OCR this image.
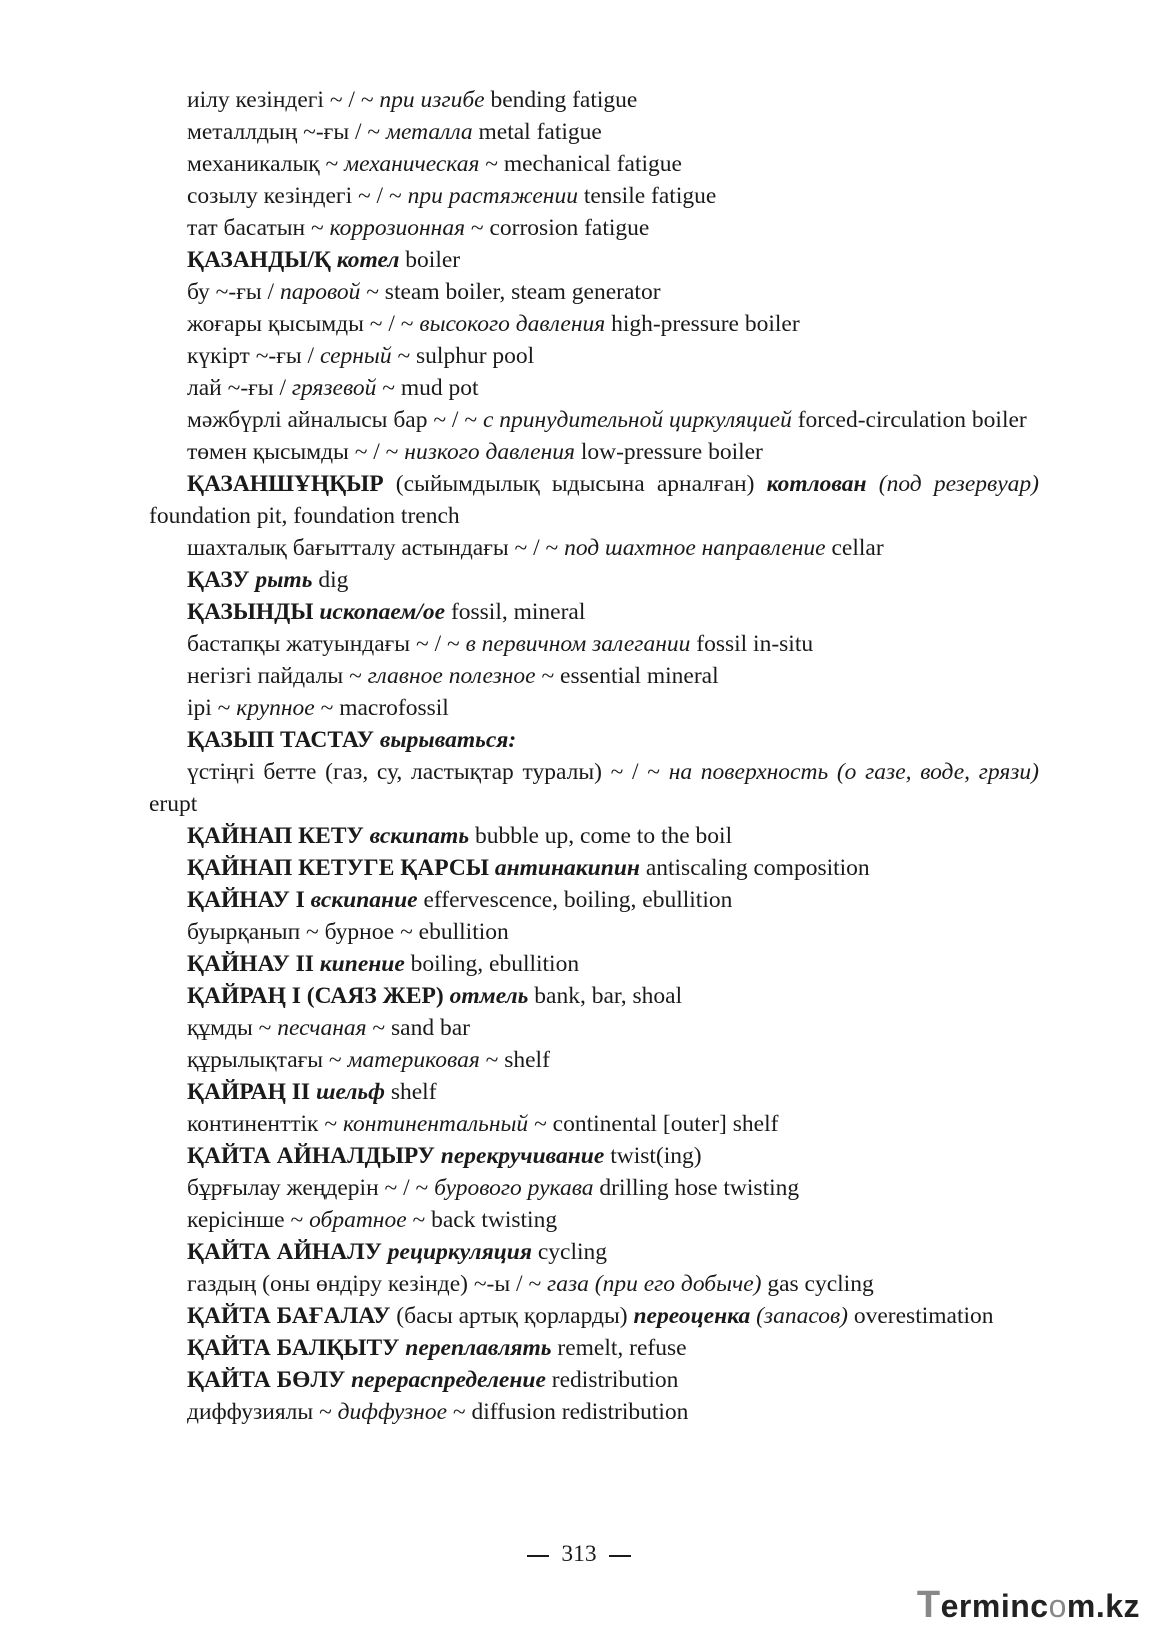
иілу кезіндегі ~ / ~ при изгибе bending fatigue

металлдың ~-ғы / ~ металла metal fatigue

механикалық ~ механическая ~ mechanical fatigue

созылу кезіндегі ~ / ~ при растяжении tensile fatigue

тат басатын ~ коррозионная ~ corrosion fatigue

ҚАЗАНДЫ/Қ котел boiler

бу ~-ғы / паровой ~ steam boiler, steam generator

жоғары қысымды ~ / ~ высокого давления high-pressure boiler

күкірт ~-ғы / серный ~ sulphur pool

лай ~-ғы / грязевой ~ mud pot

мәжбүрлі айналысы бар ~ / ~ с принудительной циркуляцией forced-circulation boiler

төмен қысымды ~ / ~ низкого давления low-pressure boiler

ҚАЗАНШҰҢҚЫР (сыйымдылық ыдысына арналған) котлован (под резервуар) foundation pit, foundation trench

шахталық бағытталу астындағы ~ / ~ под шахтное направление cellar

ҚАЗУ рыть dig

ҚАЗЫНДЫ ископаем/ое fossil, mineral

бастапқы жатуындағы ~ / ~ в первичном залегании fossil in-situ

негізгі пайдалы ~ главное полезное ~ essential mineral

ірі ~ крупное ~ macrofossil

ҚАЗЫП ТАСТАУ вырываться:

үстіңгі бетте (газ, су, ластықтар туралы) ~ / ~ на поверхность (о газе, воде, грязи) erupt

ҚАЙНАП КЕТУ вскипать bubble up, come to the boil

ҚАЙНАП КЕТУГЕ ҚАРСЫ антинакипин antiscaling composition

ҚАЙНАУ I вскипание effervescence, boiling, ebullition

буырқанып ~ бурное ~ ebullition

ҚАЙНАУ II кипение boiling, ebullition

ҚАЙРАҢ I (САЯЗ ЖЕР) отмель bank, bar, shoal

құмды ~ песчаная ~ sand bar

құрылықтағы ~ материковая ~ shelf

ҚАЙРАҢ II шельф shelf

континенттік ~ континентальный ~ continental [outer] shelf

ҚАЙТА АЙНАЛДЫРУ перекручивание twist(ing)

бұрғылау жеңдерін ~ / ~ бурового рукава drilling hose twisting

керісінше ~ обратное ~ back twisting

ҚАЙТА АЙНАЛУ рециркуляция cycling

газдың (оны өндіру кезінде) ~-ы / ~ газа (при его добыче) gas cycling

ҚАЙТА БАҒАЛАУ (басы артық қорларды) переоценка (запасов) overestimation

ҚАЙТА БАЛҚЫТУ переплавлять remelt, refuse

ҚАЙТА БӨЛУ перераспределение redistribution

диффузиялы ~ диффузное ~ diffusion redistribution

313
Termincom.kz
